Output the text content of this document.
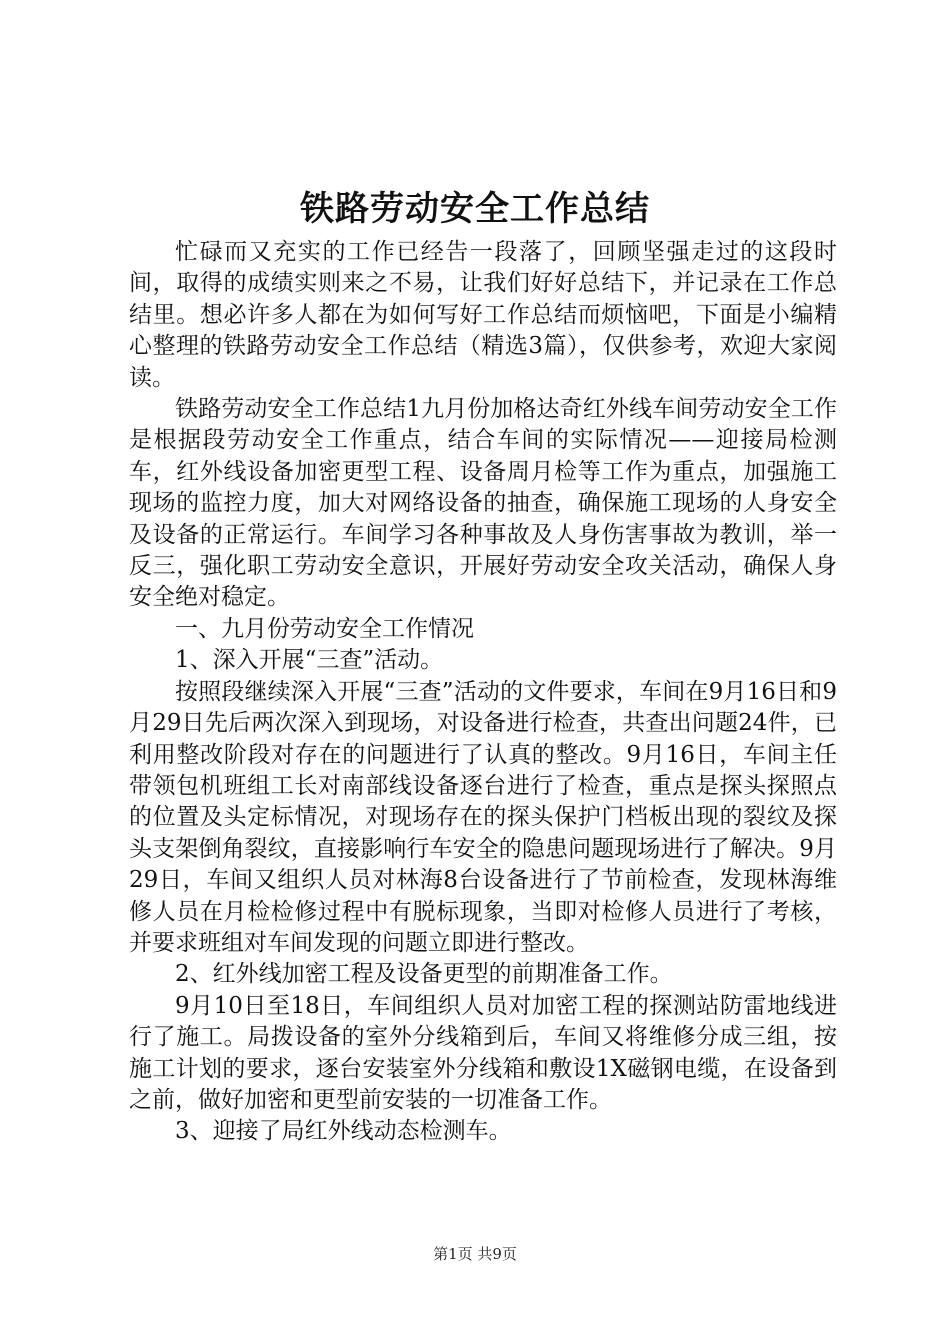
铁路劳动安全工作总结

忙碌而又充实的工作已经告一段落了，回顾坚强走过的这段时间，取得的成绩实则来之不易，让我们好好总结下，并记录在工作总结里。想必许多人都在为如何写好工作总结而烦恼吧，下面是小编精心整理的铁路劳动安全工作总结（精选3篇），仅供参考，欢迎大家阅读。

铁路劳动安全工作总结1九月份加格达奇红外线车间劳动安全工作是根据段劳动安全工作重点，结合车间的实际情况——迎接局检测车，红外线设备加密更型工程、设备周月检等工作为重点，加强施工现场的监控力度，加大对网络设备的抽查，确保施工现场的人身安全及设备的正常运行。车间学习各种事故及人身伤害事故为教训，举一反三，强化职工劳动安全意识，开展好劳动安全攻关活动，确保人身安全绝对稳定。

一、九月份劳动安全工作情况

1、深入开展“三查”活动。

按照段继续深入开展“三查”活动的文件要求，车间在9月16日和9月29日先后两次深入到现场，对设备进行检查，共查出问题24件，已利用整改阶段对存在的问题进行了认真的整改。9月16日，车间主任带领包机班组工长对南部线设备逐台进行了检查，重点是探头探照点的位置及头定标情况，对现场存在的探头保护门档板出现的裂纹及探头支架倒角裂纹，直接影响行车安全的隐患问题现场进行了解决。9月29日，车间又组织人员对林海8台设备进行了节前检查，发现林海维修人员在月检检修过程中有脱标现象，当即对检修人员进行了考核，并要求班组对车间发现的问题立即进行整改。

2、红外线加密工程及设备更型的前期准备工作。

9月10日至18日，车间组织人员对加密工程的探测站防雷地线进行了施工。局拨设备的室外分线箱到后，车间又将维修分成三组，按施工计划的要求，逐台安装室外分线箱和敷设1X磁钢电缆，在设备到之前，做好加密和更型前安装的一切准备工作。

3、迎接了局红外线动态检测车。

第1页 共9页
